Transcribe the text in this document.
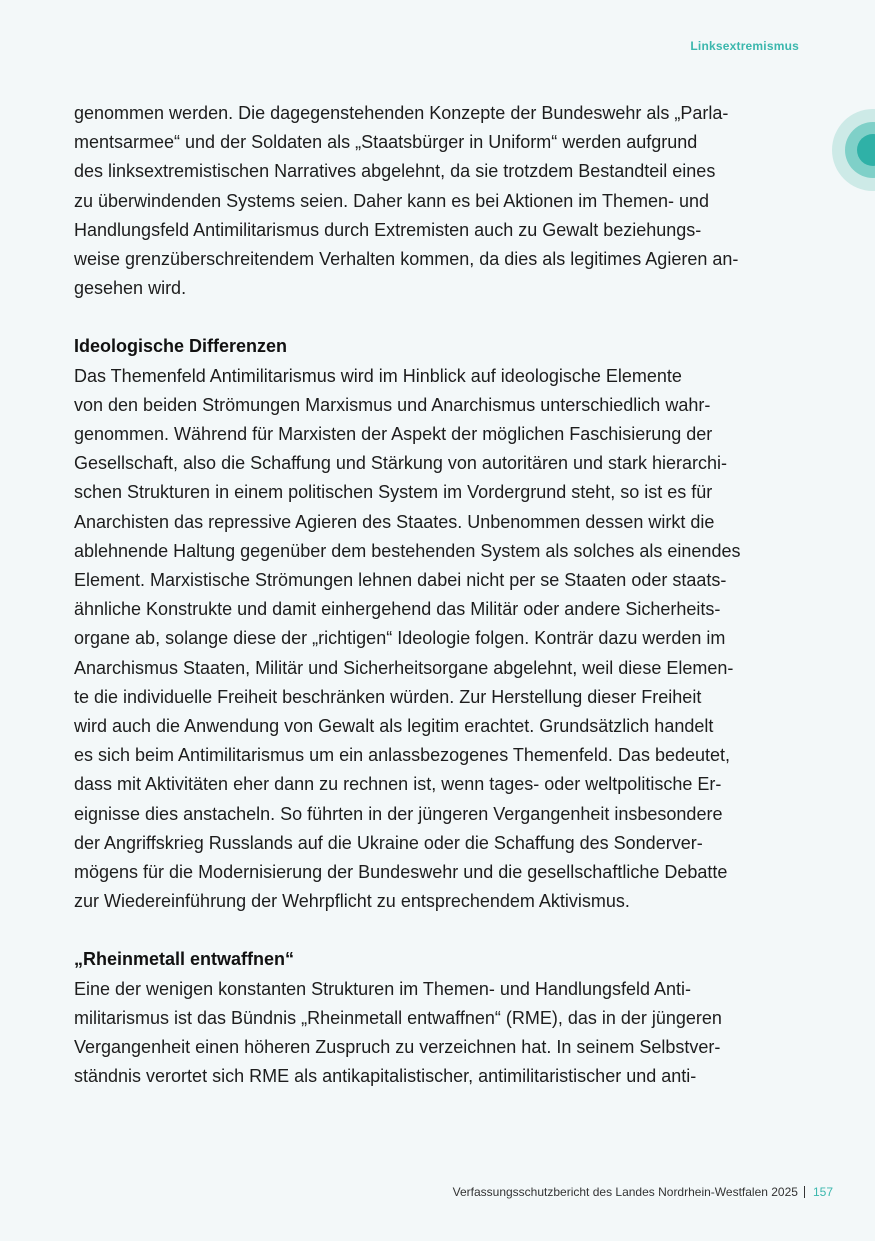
Linksextremismus

genommen werden. Die dagegenstehenden Konzepte der Bundeswehr als „Parla-
mentsarmee“ und der Soldaten als „Staatsbürger in Uniform“ werden aufgrund
des linksextremistischen Narratives abgelehnt, da sie trotzdem Bestandteil eines
zu überwindenden Systems seien. Daher kann es bei Aktionen im Themen- und
Handlungsfeld Antimilitarismus durch Extremisten auch zu Gewalt beziehungs-
weise grenzüberschreitendem Verhalten kommen, da dies als legitimes Agieren an-
gesehen wird.

Ideologische Differenzen

Das Themenfeld Antimilitarismus wird im Hinblick auf ideologische Elemente
von den beiden Strömungen Marxismus und Anarchismus unterschiedlich wahr-
genommen. Während für Marxisten der Aspekt der möglichen Faschisierung der
Gesellschaft, also die Schaffung und Stärkung von autoritären und stark hierarchi-
schen Strukturen in einem politischen System im Vordergrund steht, so ist es für
Anarchisten das repressive Agieren des Staates. Unbenommen dessen wirkt die
ablehnende Haltung gegenüber dem bestehenden System als solches als einendes
Element. Marxistische Strömungen lehnen dabei nicht per se Staaten oder staats-
ähnliche Konstrukte und damit einhergehend das Militär oder andere Sicherheits-
organe ab, solange diese der „richtigen“ Ideologie folgen. Konträr dazu werden im
Anarchismus Staaten, Militär und Sicherheitsorgane abgelehnt, weil diese Elemen-
te die individuelle Freiheit beschränken würden. Zur Herstellung dieser Freiheit
wird auch die Anwendung von Gewalt als legitim erachtet. Grundsätzlich handelt
es sich beim Antimilitarismus um ein anlassbezogenes Themenfeld. Das bedeutet,
dass mit Aktivitäten eher dann zu rechnen ist, wenn tages- oder weltpolitische Er-
eignisse dies anstacheln. So führten in der jüngeren Vergangenheit insbesondere
der Angriffskrieg Russlands auf die Ukraine oder die Schaffung des Sonderver-
mögens für die Modernisierung der Bundeswehr und die gesellschaftliche Debatte
zur Wiedereinführung der Wehrpflicht zu entsprechendem Aktivismus.

„Rheinmetall entwaffnen“

Eine der wenigen konstanten Strukturen im Themen- und Handlungsfeld Anti-
militarismus ist das Bündnis „Rheinmetall entwaffnen“ (RME), das in der jüngeren
Vergangenheit einen höheren Zuspruch zu verzeichnen hat. In seinem Selbstver-
ständnis verortet sich RME als antikapitalistischer, antimilitaristischer und anti-

Verfassungsschutzbericht des Landes Nordrhein-Westfalen 2025 157
